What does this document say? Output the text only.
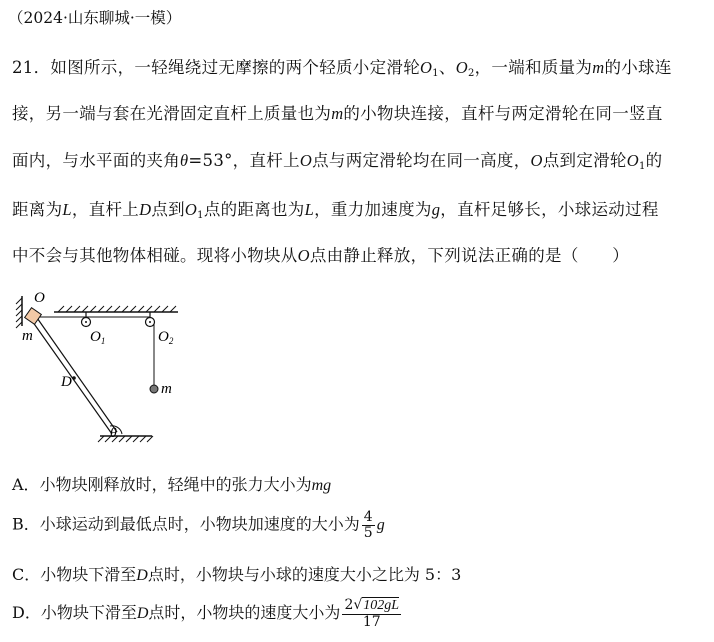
（2024·山东聊城·一模）
21．如图所示，一轻绳绕过无摩擦的两个轻质小定滑轮$O_1$、$O_2$，一端和质量为m的小球连
接，另一端与套在光滑固定直杆上质量也为m的小物块连接，直杆与两定滑轮在同一竖直
面内，与水平面的夹角θ=53°，直杆上O点与两定滑轮均在同一高度，O点到定滑轮$O_1$的
距离为L，直杆上D点到$O_1$点的距离也为L，重力加速度为g，直杆足够长，小球运动过程
中不会与其他物体相碰。现将小物块从O点由静止释放，下列说法正确的是（　　）
O
m	$O_1$	$O_2$
m
D
θ
A．小物块刚释放时，轻绳中的张力大小为mg
B．小球运动到最低点时，小物块加速度的大小为 $\frac{4}{5}$ g
C．小物块下滑至D点时，小物块与小球的速度大小之比为 5：3
D．小物块下滑至D点时，小物块的速度大小为 $\frac{2√102gL}{17}$
